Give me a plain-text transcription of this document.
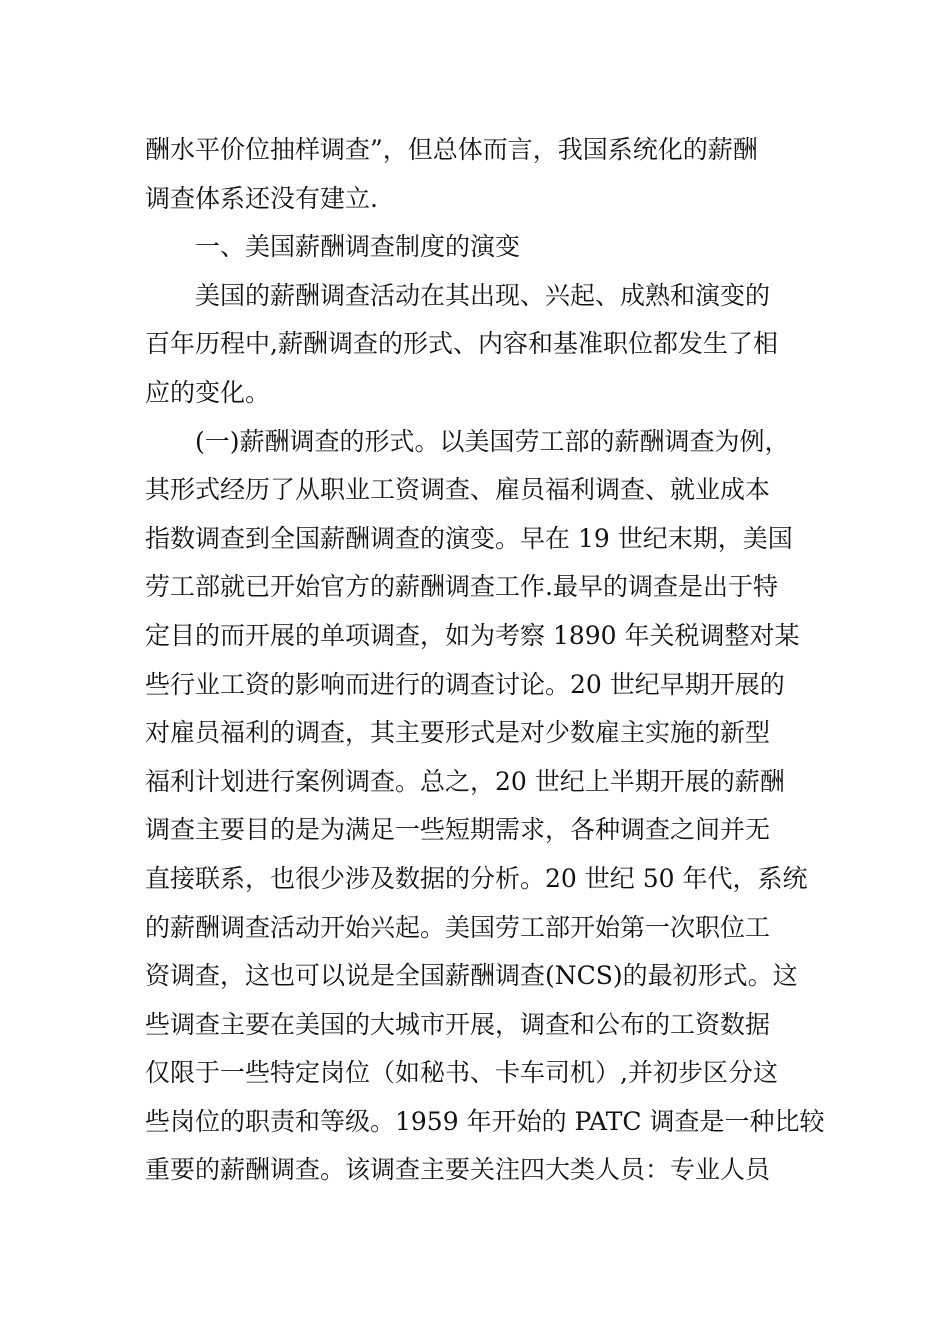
酬水平价位抽样调查”，但总体而言，我国系统化的薪酬
调查体系还没有建立.
一、美国薪酬调查制度的演变
美国的薪酬调查活动在其出现、兴起、成熟和演变的
百年历程中,薪酬调查的形式、内容和基准职位都发生了相
应的变化。
(一)薪酬调查的形式。以美国劳工部的薪酬调查为例，
其形式经历了从职业工资调查、雇员福利调查、就业成本
指数调查到全国薪酬调查的演变。早在 19 世纪末期，美国
劳工部就已开始官方的薪酬调查工作.最早的调查是出于特
定目的而开展的单项调查，如为考察 1890 年关税调整对某
些行业工资的影响而进行的调查讨论。20 世纪早期开展的
对雇员福利的调查，其主要形式是对少数雇主实施的新型
福利计划进行案例调查。总之，20 世纪上半期开展的薪酬
调查主要目的是为满足一些短期需求，各种调查之间并无
直接联系，也很少涉及数据的分析。20 世纪 50 年代，系统
的薪酬调查活动开始兴起。美国劳工部开始第一次职位工
资调查，这也可以说是全国薪酬调查(NCS)的最初形式。这
些调查主要在美国的大城市开展，调查和公布的工资数据
仅限于一些特定岗位（如秘书、卡车司机）,并初步区分这
些岗位的职责和等级。1959 年开始的 PATC 调查是一种比较
重要的薪酬调查。该调查主要关注四大类人员：专业人员
